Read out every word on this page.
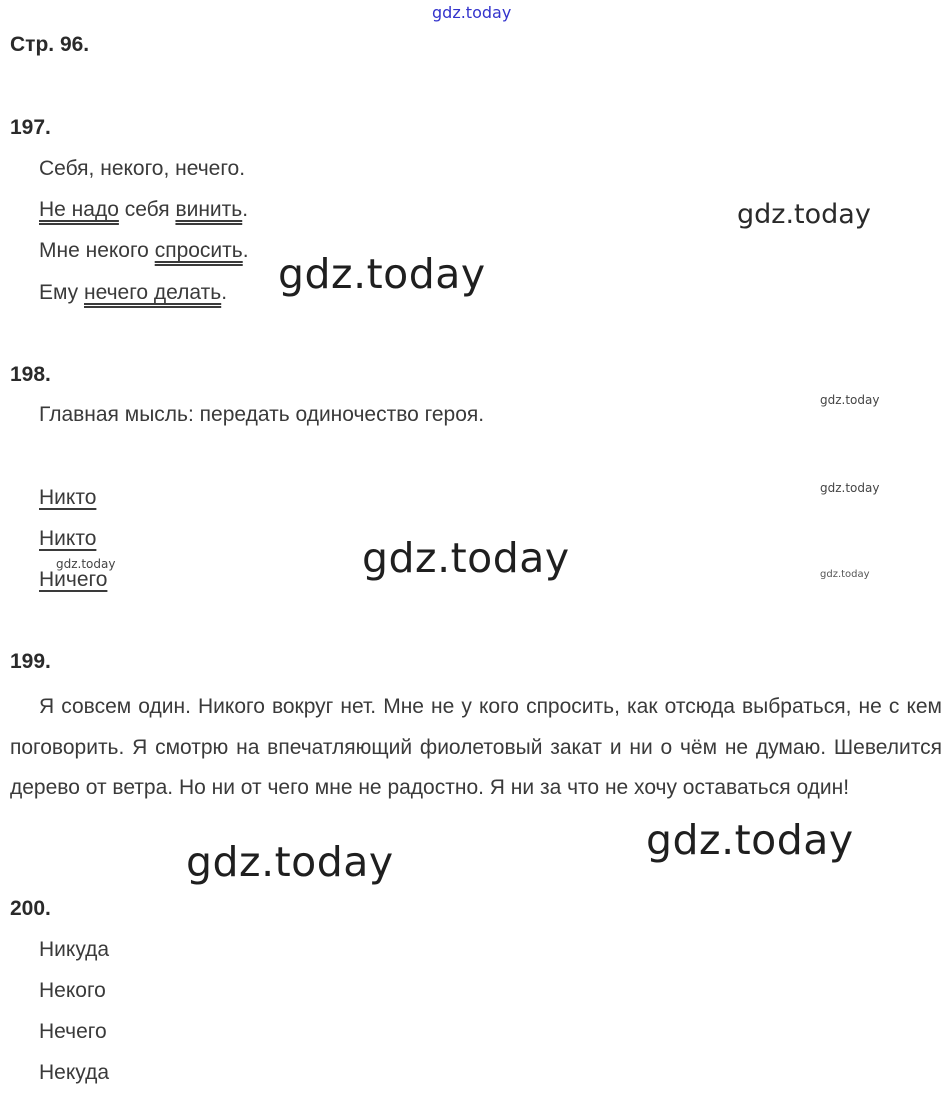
gdz.today
gdz.today
gdz.today
gdz.today
gdz.today
gdz.today
gdz.today
gdz.today
gdz.today
gdz.today
Стр. 96.
197.
Себя, некого, нечего.
Не надо себя винить.
Мне некого спросить.
Ему нечего делать.
198.
Главная мысль: передать одиночество героя.
Никто
Никто
Ничего
199.

Я совсем один. Никого вокруг нет. Мне не у кого спросить, как отсюда выбраться, не с кем поговорить. Я смотрю на впечатляющий фиолетовый закат и ни о чём не думаю. Шевелится дерево от ветра. Но ни от чего мне не радостно. Я ни за что не хочу оставаться один!

200.
Никуда
Некого
Нечего
Некуда
